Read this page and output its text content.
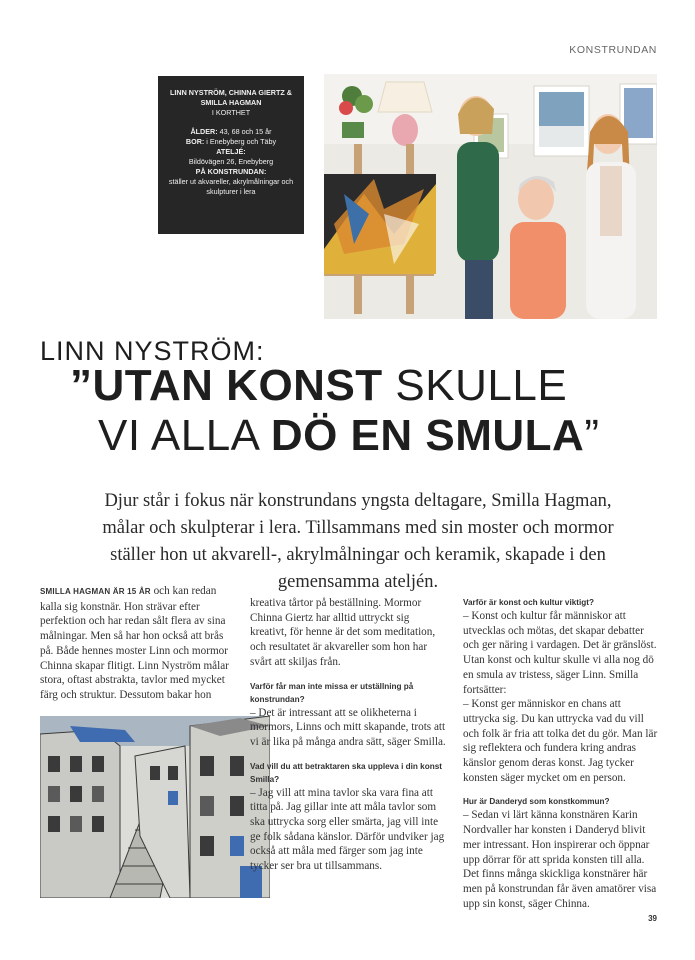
KONSTRUNDAN
LINN NYSTRÖM, CHINNA GIERTZ & SMILLA HAGMAN
I KORTHET
ÅLDER: 43, 68 och 15 år
BOR: i Enebyberg och Täby
ATELJÉ:
Bildövägen 26, Enebyberg
PÅ KONSTRUNDAN:
ställer ut akvareller, akrylmålningar och skulpturer i lera
LINN NYSTRÖM:
”UTAN KONST SKULLE
VI ALLA DÖ EN SMULA”

Djur står i fokus när konstrundans yngsta deltagare, Smilla Hagman, målar och skulpterar i lera. Tillsammans med sin moster och mormor ställer hon ut akvarell-, akrylmålningar och keramik, skapade i den gemensamma ateljén.

SMILLA HAGMAN ÄR 15 ÅR och kan redan kalla sig konstnär. Hon strävar efter perfektion och har redan sålt flera av sina målningar. Men så har hon också att brås på. Både hennes moster Linn och mormor Chinna skapar flitigt. Linn Nyström målar stora, oftast abstrakta, tavlor med mycket färg och struktur. Dessutom bakar hon

kreativa tårtor på beställning. Mormor Chinna Giertz har alltid uttryckt sig kreativt, för henne är det som meditation, och resultatet är akvareller som hon har svårt att skiljas från.

Varför får man inte missa er utställning på konstrundan?

– Det är intressant att se olikheterna i mormors, Linns och mitt skapande, trots att vi är lika på många andra sätt, säger Smilla.

Vad vill du att betraktaren ska uppleva i din konst Smilla?

– Jag vill att mina tavlor ska vara fina att titta på. Jag gillar inte att måla tavlor som ska uttrycka sorg eller smärta, jag vill inte ge folk sådana känslor. Därför undviker jag också att måla med färger som jag inte tycker ser bra ut tillsammans.

Varför är konst och kultur viktigt?

– Konst och kultur får människor att utvecklas och mötas, det skapar debatter och ger näring i vardagen. Det är gränslöst. Utan konst och kultur skulle vi alla nog dö en smula av tristess, säger Linn. Smilla fortsätter:

– Konst ger människor en chans att uttrycka sig. Du kan uttrycka vad du vill och folk är fria att tolka det du gör. Man lär sig reflektera och fundera kring andras känslor genom deras konst. Jag tycker konsten säger mycket om en person.

Hur är Danderyd som konstkommun?

– Sedan vi lärt känna konstnären Karin Nordvaller har konsten i Danderyd blivit mer intressant. Hon inspirerar och öppnar upp dörrar för att sprida konsten till alla. Det finns många skickliga konstnärer här men på konstrundan får även amatörer visa upp sin konst, säger Chinna.

39
